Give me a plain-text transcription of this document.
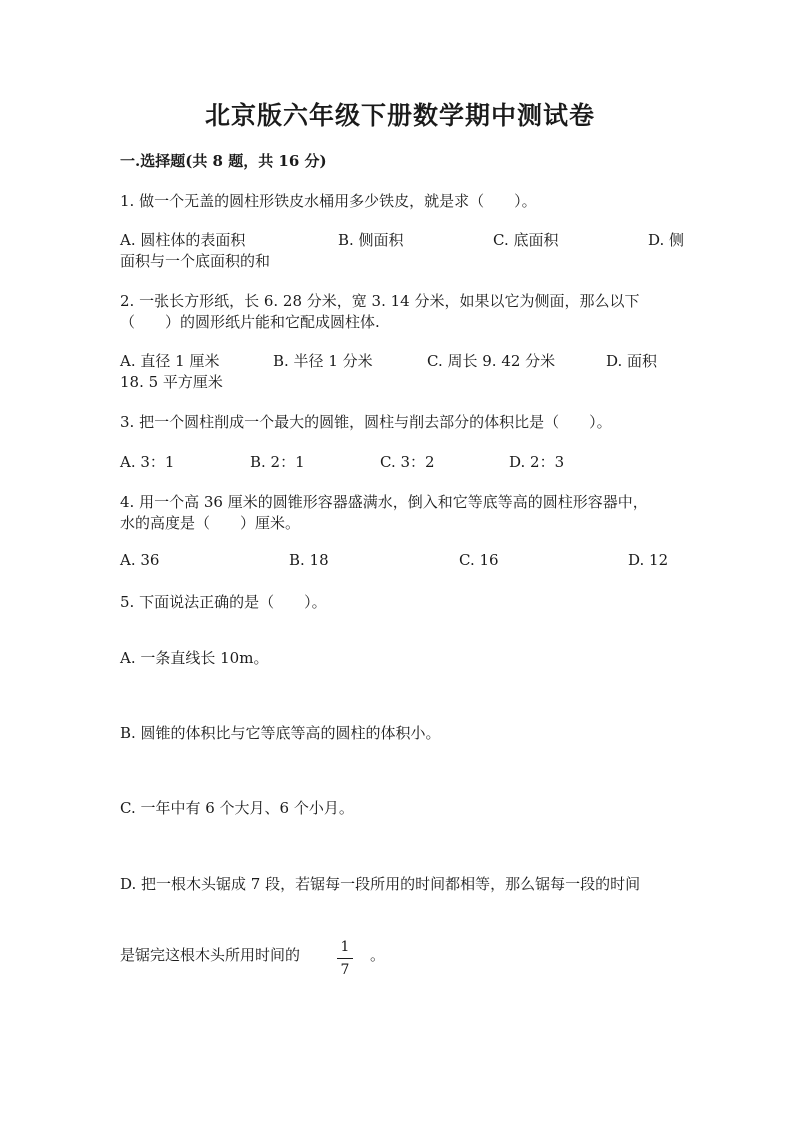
北京版六年级下册数学期中测试卷
一.选择题(共 8 题，共 16 分)
1. 做一个无盖的圆柱形铁皮水桶用多少铁皮，就是求（　　）。
A. 圆柱体的表面积	B. 侧面积	C. 底面积	D. 侧
面积与一个底面积的和
2. 一张长方形纸，长 6. 28 分米，宽 3. 14 分米，如果以它为侧面，那么以下
（　　）的圆形纸片能和它配成圆柱体.
A. 直径 1 厘米	B. 半径 1 分米	C. 周长 9. 42 分米	D. 面积
18. 5 平方厘米
3. 把一个圆柱削成一个最大的圆锥，圆柱与削去部分的体积比是（　　）。
A. 3：1	B. 2：1	C. 3：2	D. 2：3
4. 用一个高 36 厘米的圆锥形容器盛满水，倒入和它等底等高的圆柱形容器中，
水的高度是（　　）厘米。
A. 36	B. 18	C. 16	D. 12
5. 下面说法正确的是（　　）。
A. 一条直线长 10m。
B. 圆锥的体积比与它等底等高的圆柱的体积小。
C. 一年中有 6 个大月、6 个小月。
D. 把一根木头锯成 7 段，若锯每一段所用的时间都相等，那么锯每一段的时间
是锯完这根木头所用时间的	1
7
。
